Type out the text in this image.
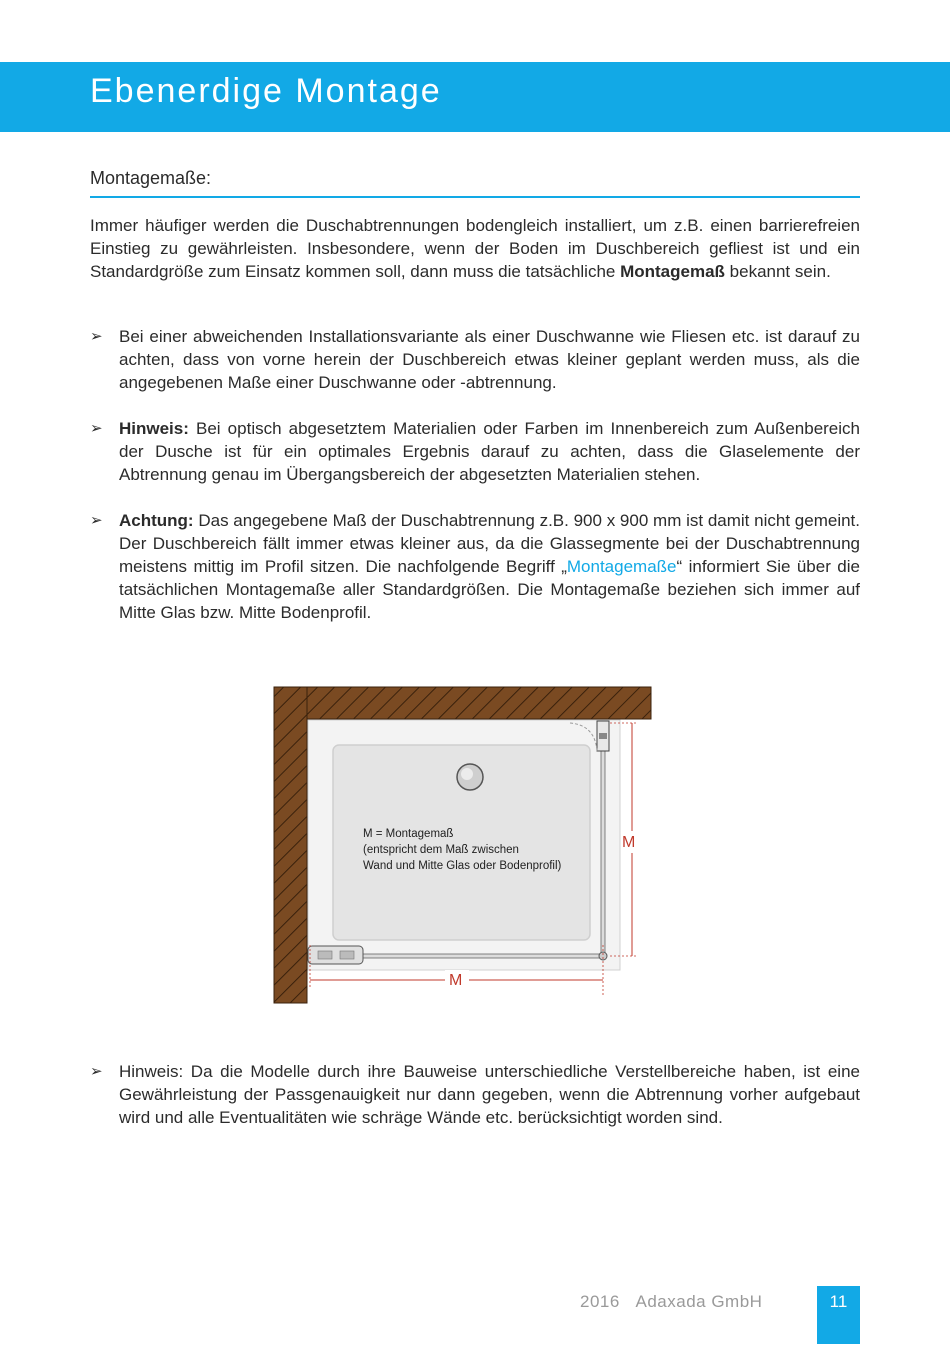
Ebenerdige Montage
Montagemaße:
Immer häufiger werden die Duschabtrennungen bodengleich installiert, um z.B. einen barrierefreien Einstieg zu gewährleisten. Insbesondere, wenn der Boden im Duschbereich gefliest ist und ein Standardgröße zum Einsatz kommen soll, dann muss die tatsächliche Montagemaß bekannt sein.
➢ Bei einer abweichenden Installationsvariante als einer Duschwanne wie Fliesen etc. ist darauf zu achten, dass von vorne herein der Duschbereich etwas kleiner geplant werden muss, als die angegebenen Maße einer Duschwanne oder -abtrennung.
➢ Hinweis: Bei optisch abgesetztem Materialien oder Farben im Innenbereich zum Außenbereich der Dusche ist für ein optimales Ergebnis darauf zu achten, dass die Glaselemente der Abtrennung genau im Übergangsbereich der abgesetzten Materialien stehen.
➢ Achtung: Das angegebene Maß der Duschabtrennung z.B. 900 x 900 mm ist damit nicht gemeint. Der Duschbereich fällt immer etwas kleiner aus, da die Glassegmente bei der Duschabtrennung meistens mittig im Profil sitzen. Die nachfolgende Begriff „Montagemaße“ informiert Sie über die tatsächlichen Montagemaße aller Standardgrößen. Die Montagemaße beziehen sich immer auf Mitte Glas bzw. Mitte Bodenprofil.
M = Montagemaß
(entspricht dem Maß zwischen
Wand und Mitte Glas oder Bodenprofil)
M
M
➢ Hinweis: Da die Modelle durch ihre Bauweise unterschiedliche Verstellbereiche haben, ist eine Gewährleistung der Passgenauigkeit nur dann gegeben, wenn die Abtrennung vorher aufgebaut wird und alle Eventualitäten wie schräge Wände etc. berücksichtigt worden sind.
2016 Adaxada GmbH	11
